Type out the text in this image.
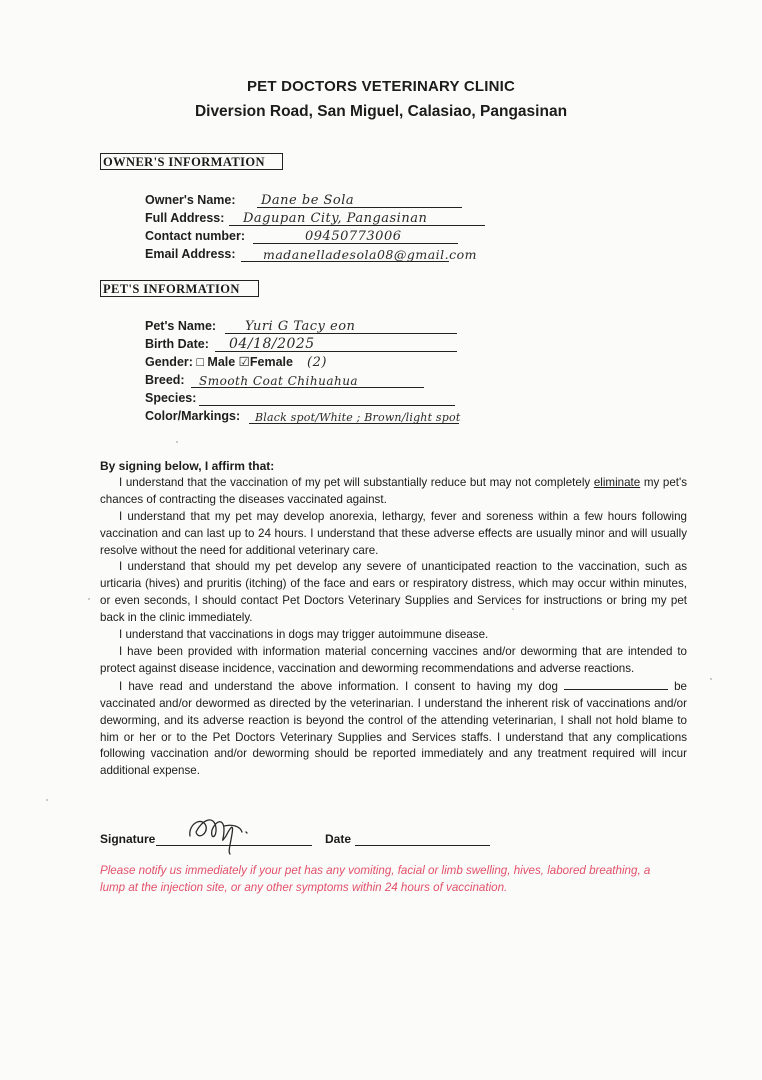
PET DOCTORS VETERINARY CLINIC
Diversion Road, San Miguel, Calasiao, Pangasinan
OWNER'S INFORMATION
Owner's Name: Dane be Sola
Full Address: Dagupan City, Pangasinan
Contact number:	09450773006
Email Address: madanelladesola08@gmail.com
PET'S INFORMATION
Pet's Name: Yuri G Tacy eon
Birth Date: 04/18/2025
Gender: □ Male ☑Female (2)
Breed: Smooth Coat Chihuahua
Species:
Color/Markings: Black spot/White ; Brown/light spot

By signing below, I affirm that:

I understand that the vaccination of my pet will substantially reduce but may not completely eliminate my pet's chances of contracting the diseases vaccinated against.

I understand that my pet may develop anorexia, lethargy, fever and soreness within a few hours following vaccination and can last up to 24 hours. I understand that these adverse effects are usually minor and will usually resolve without the need for additional veterinary care.

I understand that should my pet develop any severe of unanticipated reaction to the vaccination, such as urticaria (hives) and pruritis (itching) of the face and ears or respiratory distress, which may occur within minutes, or even seconds, I should contact Pet Doctors Veterinary Supplies and Services for instructions or bring my pet back in the clinic immediately.

I understand that vaccinations in dogs may trigger autoimmune disease.

I have been provided with information material concerning vaccines and/or deworming that are intended to protect against disease incidence, vaccination and deworming recommendations and adverse reactions.

I have read and understand the above information. I consent to having my dog	be vaccinated and/or dewormed as directed by the veterinarian. I understand the inherent risk of vaccinations and/or deworming, and its adverse reaction is beyond the control of the attending veterinarian, I shall not hold blame to him or her or to the Pet Doctors Veterinary Supplies and Services staffs. I understand that any complications following vaccination and/or deworming should be reported immediately and any treatment required will incur additional expense.

Signature	Date
Please notify us immediately if your pet has any vomiting, facial or limb swelling, hives, labored breathing, a lump at the injection site, or any other symptoms within 24 hours of vaccination.
